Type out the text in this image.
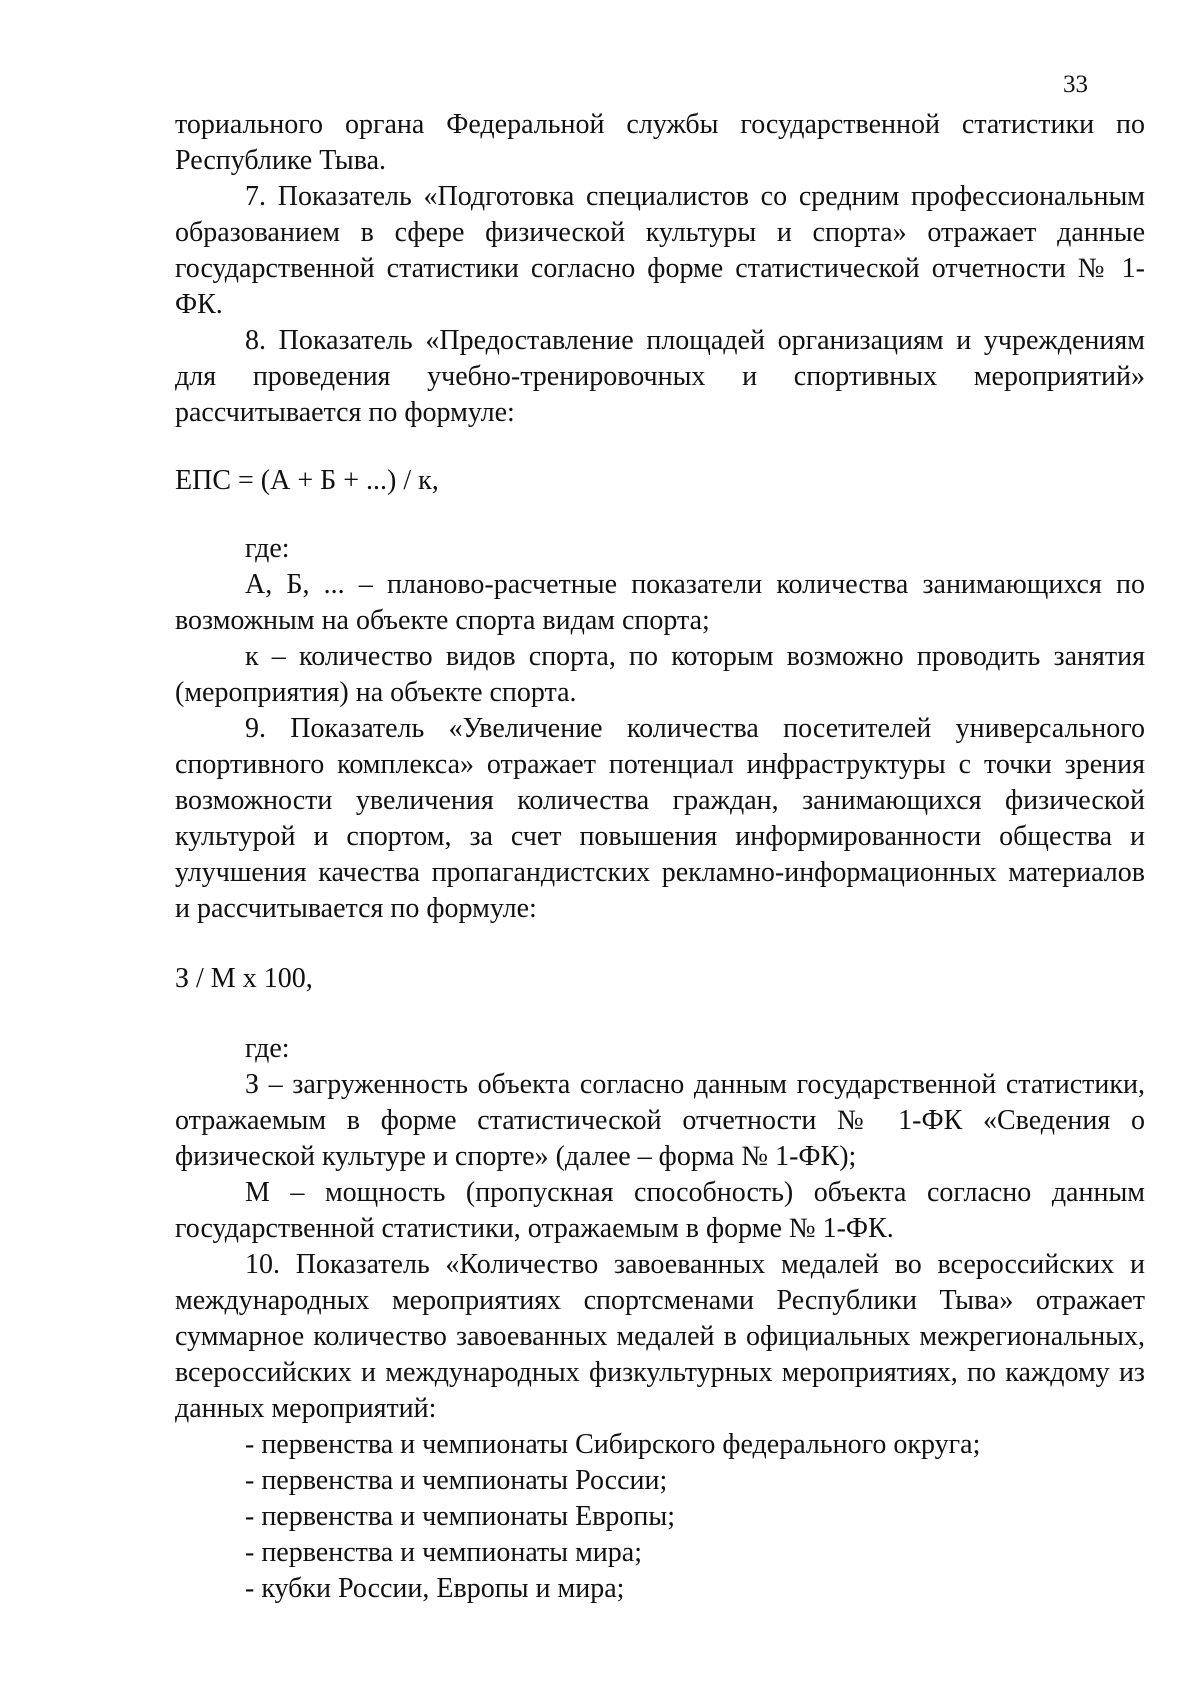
33

ториального органа Федеральной службы государственной статистики по Республике Тыва.

7. Показатель «Подготовка специалистов со средним профессиональным образованием в сфере физической культуры и спорта» отражает данные государственной статистики согласно форме статистической отчетности № 1-ФК.

8. Показатель «Предоставление площадей организациям и учреждениям для проведения учебно-тренировочных и спортивных мероприятий» рассчитывается по формуле:

ЕПС = (А + Б + ...) / к,

где:

А, Б, ... – планово-расчетные показатели количества занимающихся по возможным на объекте спорта видам спорта;

к – количество видов спорта, по которым возможно проводить занятия (мероприятия) на объекте спорта.

9. Показатель «Увеличение количества посетителей универсального спортивного комплекса» отражает потенциал инфраструктуры с точки зрения возможности увеличения количества граждан, занимающихся физической культурой и спортом, за счет повышения информированности общества и улучшения качества пропагандистских рекламно-информационных материалов и рассчитывается по формуле:

З / М х 100,

где:

З – загруженность объекта согласно данным государственной статистики, отражаемым в форме статистической отчетности № 1-ФК «Сведения о физической культуре и спорте» (далее – форма № 1-ФК);

М – мощность (пропускная способность) объекта согласно данным государственной статистики, отражаемым в форме № 1-ФК.

10. Показатель «Количество завоеванных медалей во всероссийских и международных мероприятиях спортсменами Республики Тыва» отражает суммарное количество завоеванных медалей в официальных межрегиональных, всероссийских и международных физкультурных мероприятиях, по каждому из данных мероприятий:

- первенства и чемпионаты Сибирского федерального округа;

- первенства и чемпионаты России;

- первенства и чемпионаты Европы;

- первенства и чемпионаты мира;

- кубки России, Европы и мира;
